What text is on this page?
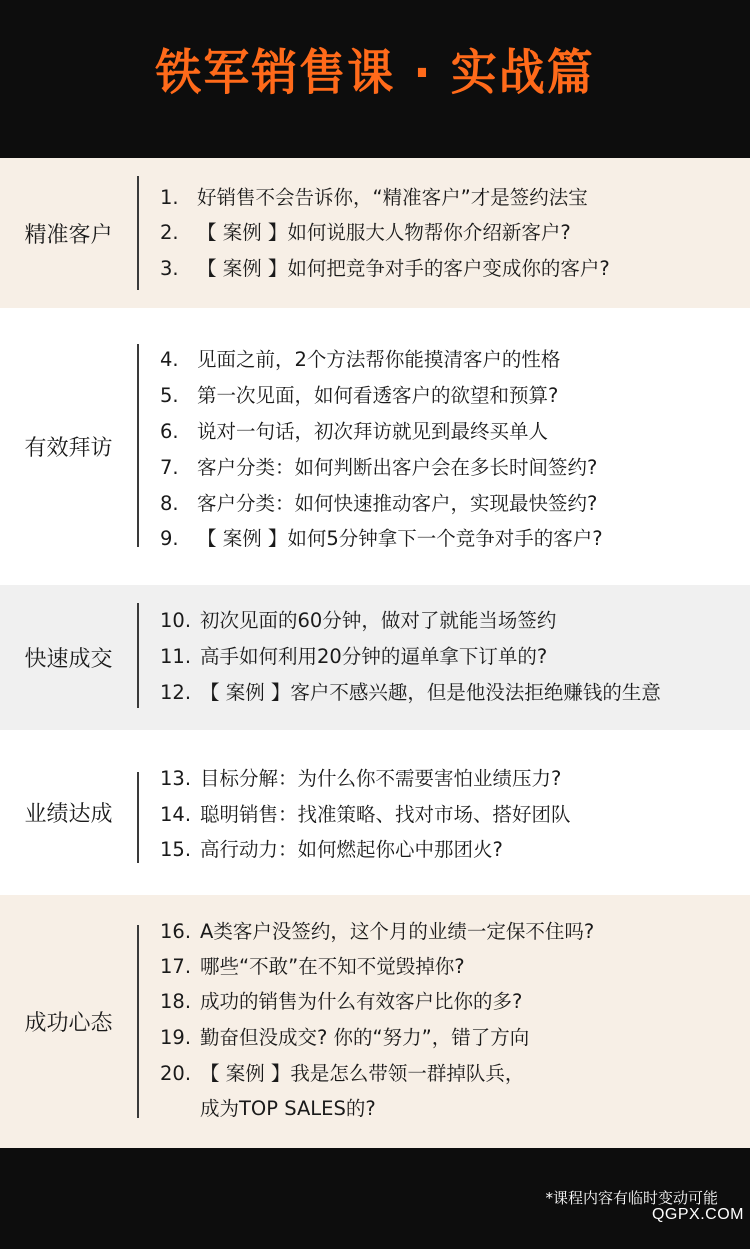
铁军销售课 · 实战篇
精准客户
1. 好销售不会告诉你，“精准客户”才是签约法宝
2. 【 案例 】如何说服大人物帮你介绍新客户?
3. 【 案例 】如何把竞争对手的客户变成你的客户?
有效拜访
4. 见面之前，2个方法帮你能摸清客户的性格
5. 第一次见面，如何看透客户的欲望和预算?
6. 说对一句话，初次拜访就见到最终买单人
7. 客户分类：如何判断出客户会在多长时间签约?
8. 客户分类：如何快速推动客户，实现最快签约?
9. 【 案例 】如何5分钟拿下一个竞争对手的客户?
快速成交
10. 初次见面的60分钟，做对了就能当场签约
11. 高手如何利用20分钟的逼单拿下订单的?
12. 【 案例 】客户不感兴趣，但是他没法拒绝赚钱的生意
业绩达成
13. 目标分解：为什么你不需要害怕业绩压力?
14. 聪明销售：找准策略、找对市场、搭好团队
15. 高行动力：如何燃起你心中那团火?
成功心态
16. A类客户没签约，这个月的业绩一定保不住吗?
17. 哪些“不敢”在不知不觉毁掉你?
18. 成功的销售为什么有效客户比你的多?
19. 勤奋但没成交? 你的“努力”，错了方向
20. 【 案例 】我是怎么带领一群掉队兵，
成为TOP SALES的?
*课程内容有临时变动可能
QGPX.COM
